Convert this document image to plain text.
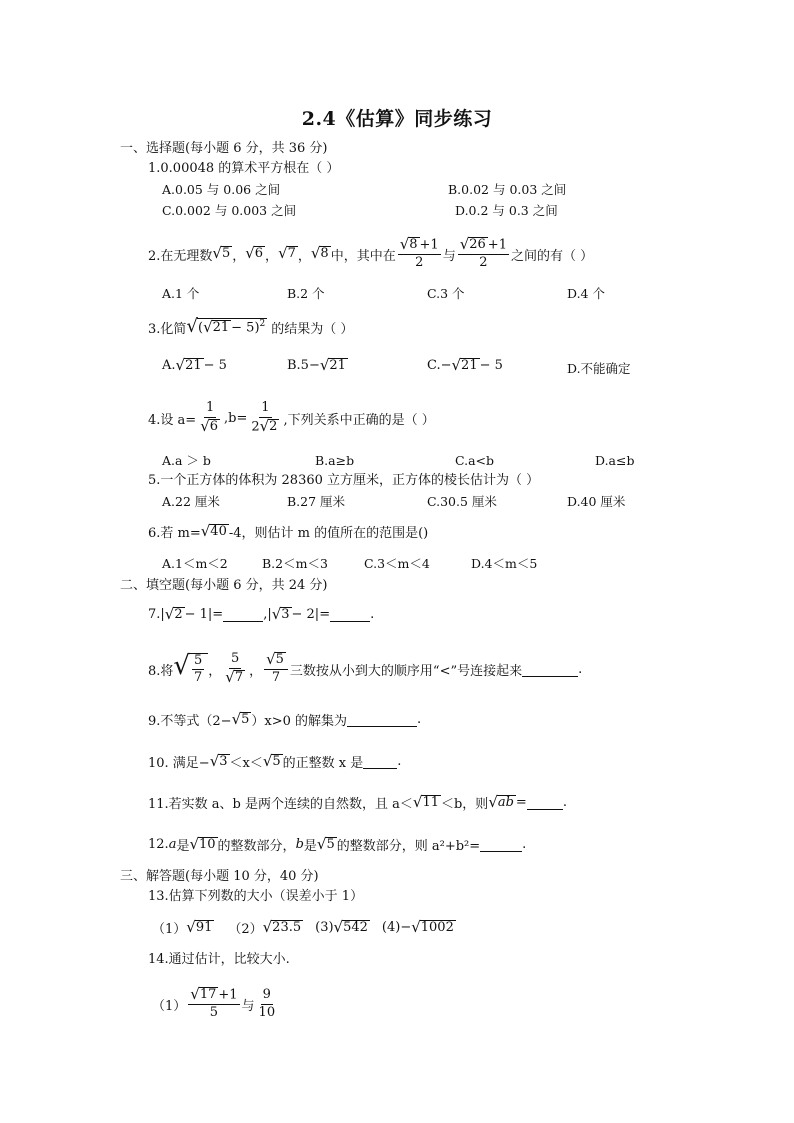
2.4《估算》同步练习
一、选择题(每小题 6 分，共 36 分)
1.0.00048 的算术平方根在（ ）
A.0.05 与 0.06 之间	B.0.02 与 0.03 之间
C.0.002 与 0.003 之间	D.0.2 与 0.3 之间
2.在无理数 √ 5 ， √ 6 ， √ 7 ， √ 8 中，其中在 $\frac{√ 8 +1}{2}$ 与 $\frac{√ 26 +1}{2}$ 之间的有（ ）
A.1 个	B.2 个	C.3 个	D.4 个
3.化简 √ ( √ 21 − 5)$^2$ 的结果为（ ）
A. √ 21 − 5	B.5− √ 21	C.− √ 21 − 5	D.不能确定
4.设 $a= \frac{1}{√ 6} ,b= \frac{1}{2 √ 2}$ ,下列关系中正确的是（ ）
A.a ＞ b	B.a≥b	C.a<b	D.a≤b
5.一个正方体的体积为 28360 立方厘米，正方体的棱长估计为（ ）
A.22 厘米	B.27 厘米	C.30.5 厘米	D.40 厘米
6.若 m= √ 40 -4，则估计 m 的值所在的范围是()
A.1＜m＜2	B.2＜m＜3	C.3＜m＜4	D.4＜m＜5
二、填空题(每小题 6 分，共 24 分)
7.| √ 2 − 1|=	,| √ 3 − 2|=	.
8.将 √ $\frac{5}{7}$ ， $\frac{5}{√ 7}$ ， $\frac{√ 5}{7}$ 三数按从小到大的顺序用“<”号连接起来	.
9.不等式（2− √ 5 ）x>0 的解集为	.
10. 满足− √ 3 ＜x＜ √ 5 的正整数 x 是	.
11.若实数 a、b 是两个连续的自然数，且 a＜ √ 11 ＜b，则 √ ab =	.
12. a 是 √ 10 的整数部分， b 是 √ 5 的整数部分，则 a²+b²=	.
三、解答题(每小题 10 分，40 分)
13.估算下列数的大小（误差小于 1）
（1） √ 91 （2） √ 23.5 (3) √ 542 (4)− √ 1002
14.通过估计，比较大小.
$(1) \frac{√ 17 +1}{5}$ 与 $\frac{9}{10}$
